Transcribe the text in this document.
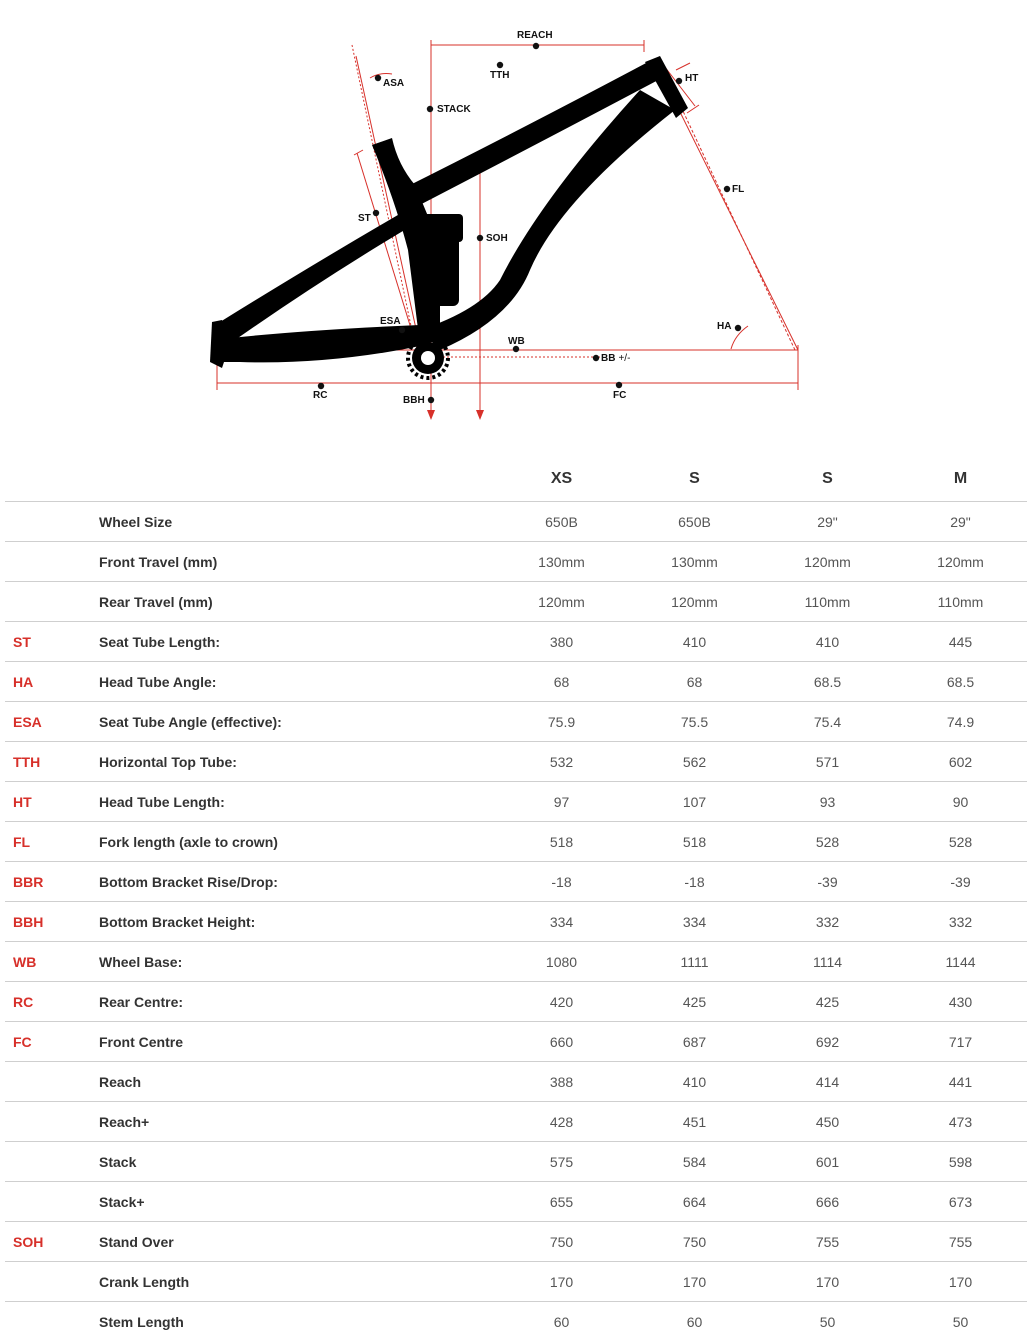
REACH
TTH
ASA
STACK
HT
FL
ST
SOH
ESA	HA
WB
BB +/-
RC	BBH	FC
		XS	S	S	M
	Wheel Size	650B	650B	29"	29"
	Front Travel (mm)	130mm	130mm	120mm	120mm
	Rear Travel (mm)	120mm	120mm	110mm	110mm
ST	Seat Tube Length:	380	410	410	445
HA	Head Tube Angle:	68	68	68.5	68.5
ESA	Seat Tube Angle (effective):	75.9	75.5	75.4	74.9
TTH	Horizontal Top Tube:	532	562	571	602
HT	Head Tube Length:	97	107	93	90
FL	Fork length (axle to crown)	518	518	528	528
BBR	Bottom Bracket Rise/Drop:	-18	-18	-39	-39
BBH	Bottom Bracket Height:	334	334	332	332
WB	Wheel Base:	1080	1111	1114	1144
RC	Rear Centre:	420	425	425	430
FC	Front Centre	660	687	692	717
	Reach	388	410	414	441
	Reach+	428	451	450	473
	Stack	575	584	601	598
	Stack+	655	664	666	673
SOH	Stand Over	750	750	755	755
	Crank Length	170	170	170	170
	Stem Length	60	60	50	50
